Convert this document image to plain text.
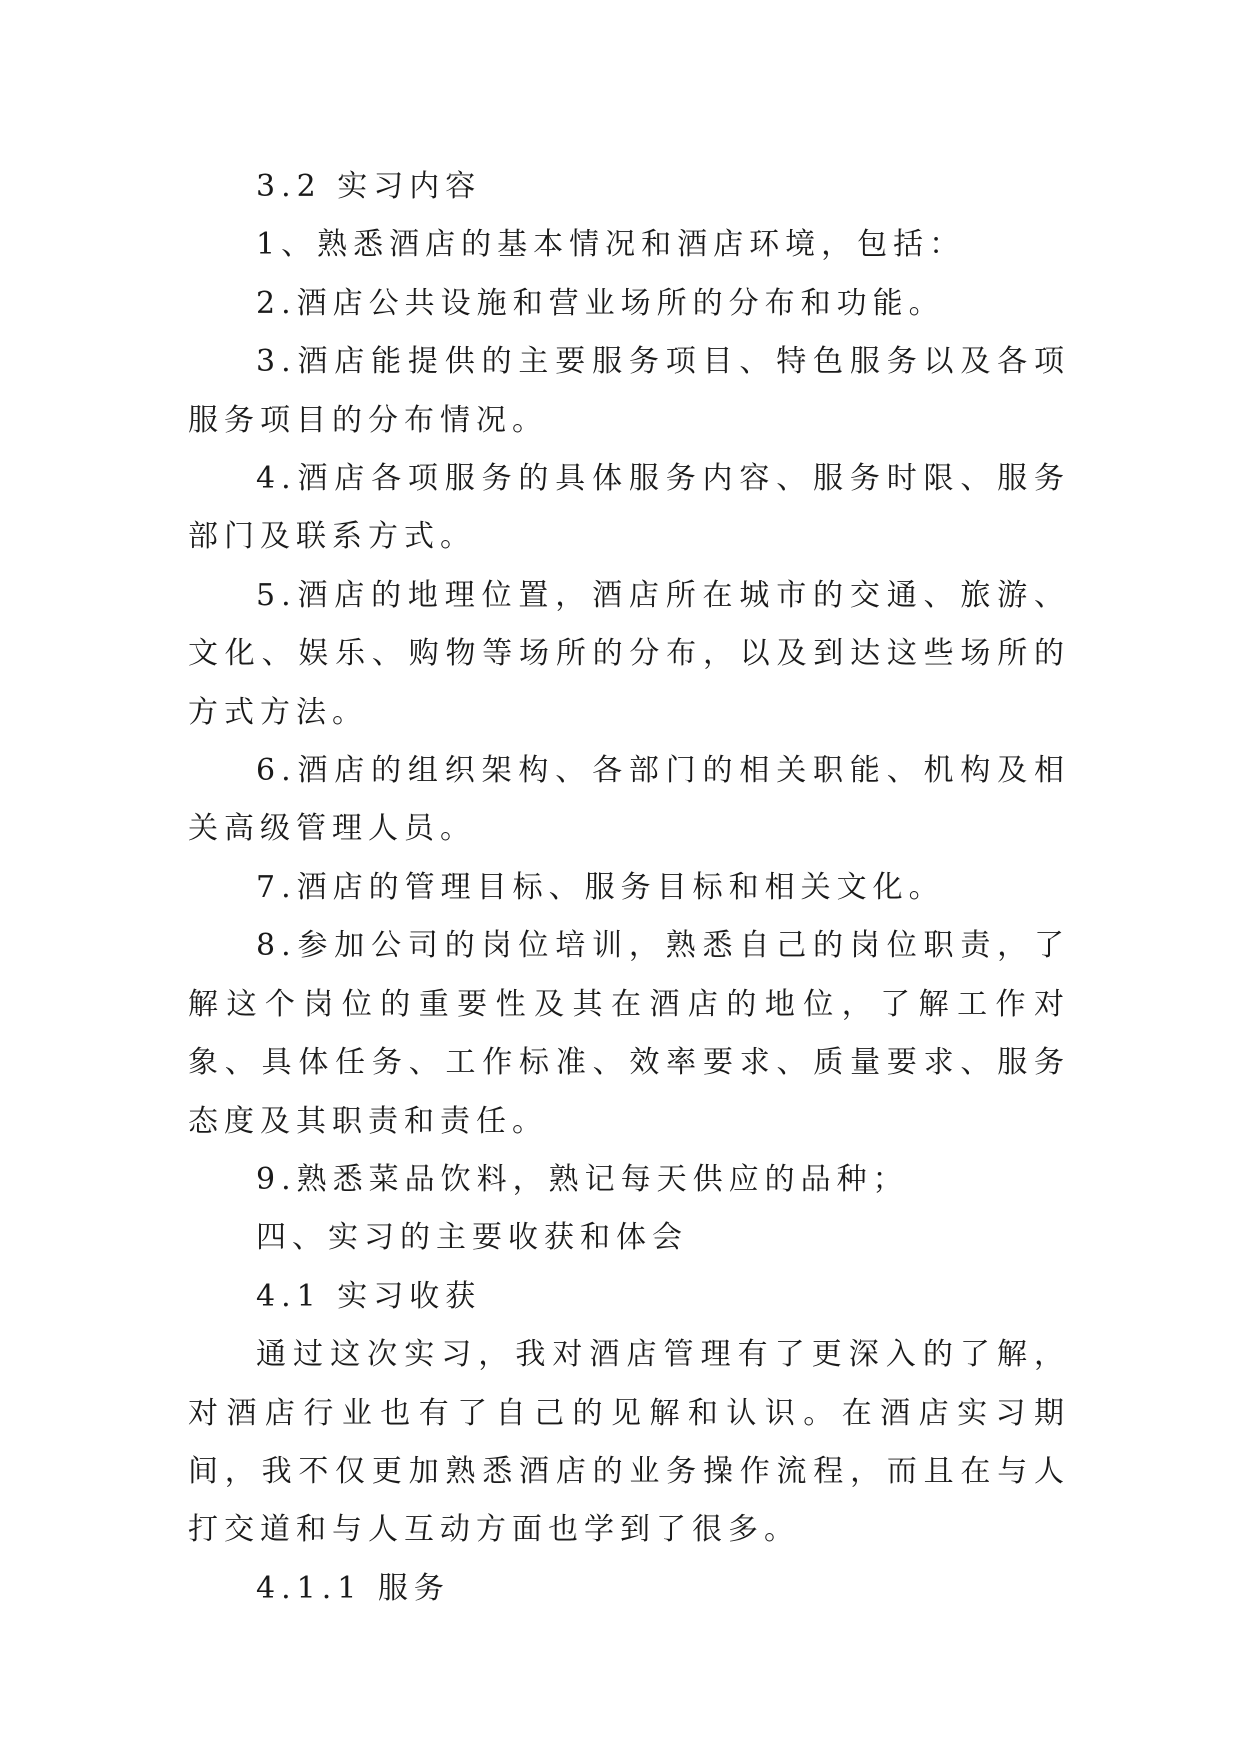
3.2 实习内容

1、熟悉酒店的基本情况和酒店环境，包括：

2.酒店公共设施和营业场所的分布和功能。

3.酒店能提供的主要服务项目、特色服务以及各项服务项目的分布情况。

4.酒店各项服务的具体服务内容、服务时限、服务部门及联系方式。

5.酒店的地理位置，酒店所在城市的交通、旅游、文化、娱乐、购物等场所的分布，以及到达这些场所的方式方法。

6.酒店的组织架构、各部门的相关职能、机构及相关高级管理人员。

7.酒店的管理目标、服务目标和相关文化。

8.参加公司的岗位培训，熟悉自己的岗位职责，了解这个岗位的重要性及其在酒店的地位，了解工作对象、具体任务、工作标准、效率要求、质量要求、服务态度及其职责和责任。

9.熟悉菜品饮料，熟记每天供应的品种；

四、实习的主要收获和体会

4.1 实习收获

通过这次实习，我对酒店管理有了更深入的了解，对酒店行业也有了自己的见解和认识。在酒店实习期间，我不仅更加熟悉酒店的业务操作流程，而且在与人打交道和与人互动方面也学到了很多。

4.1.1 服务
